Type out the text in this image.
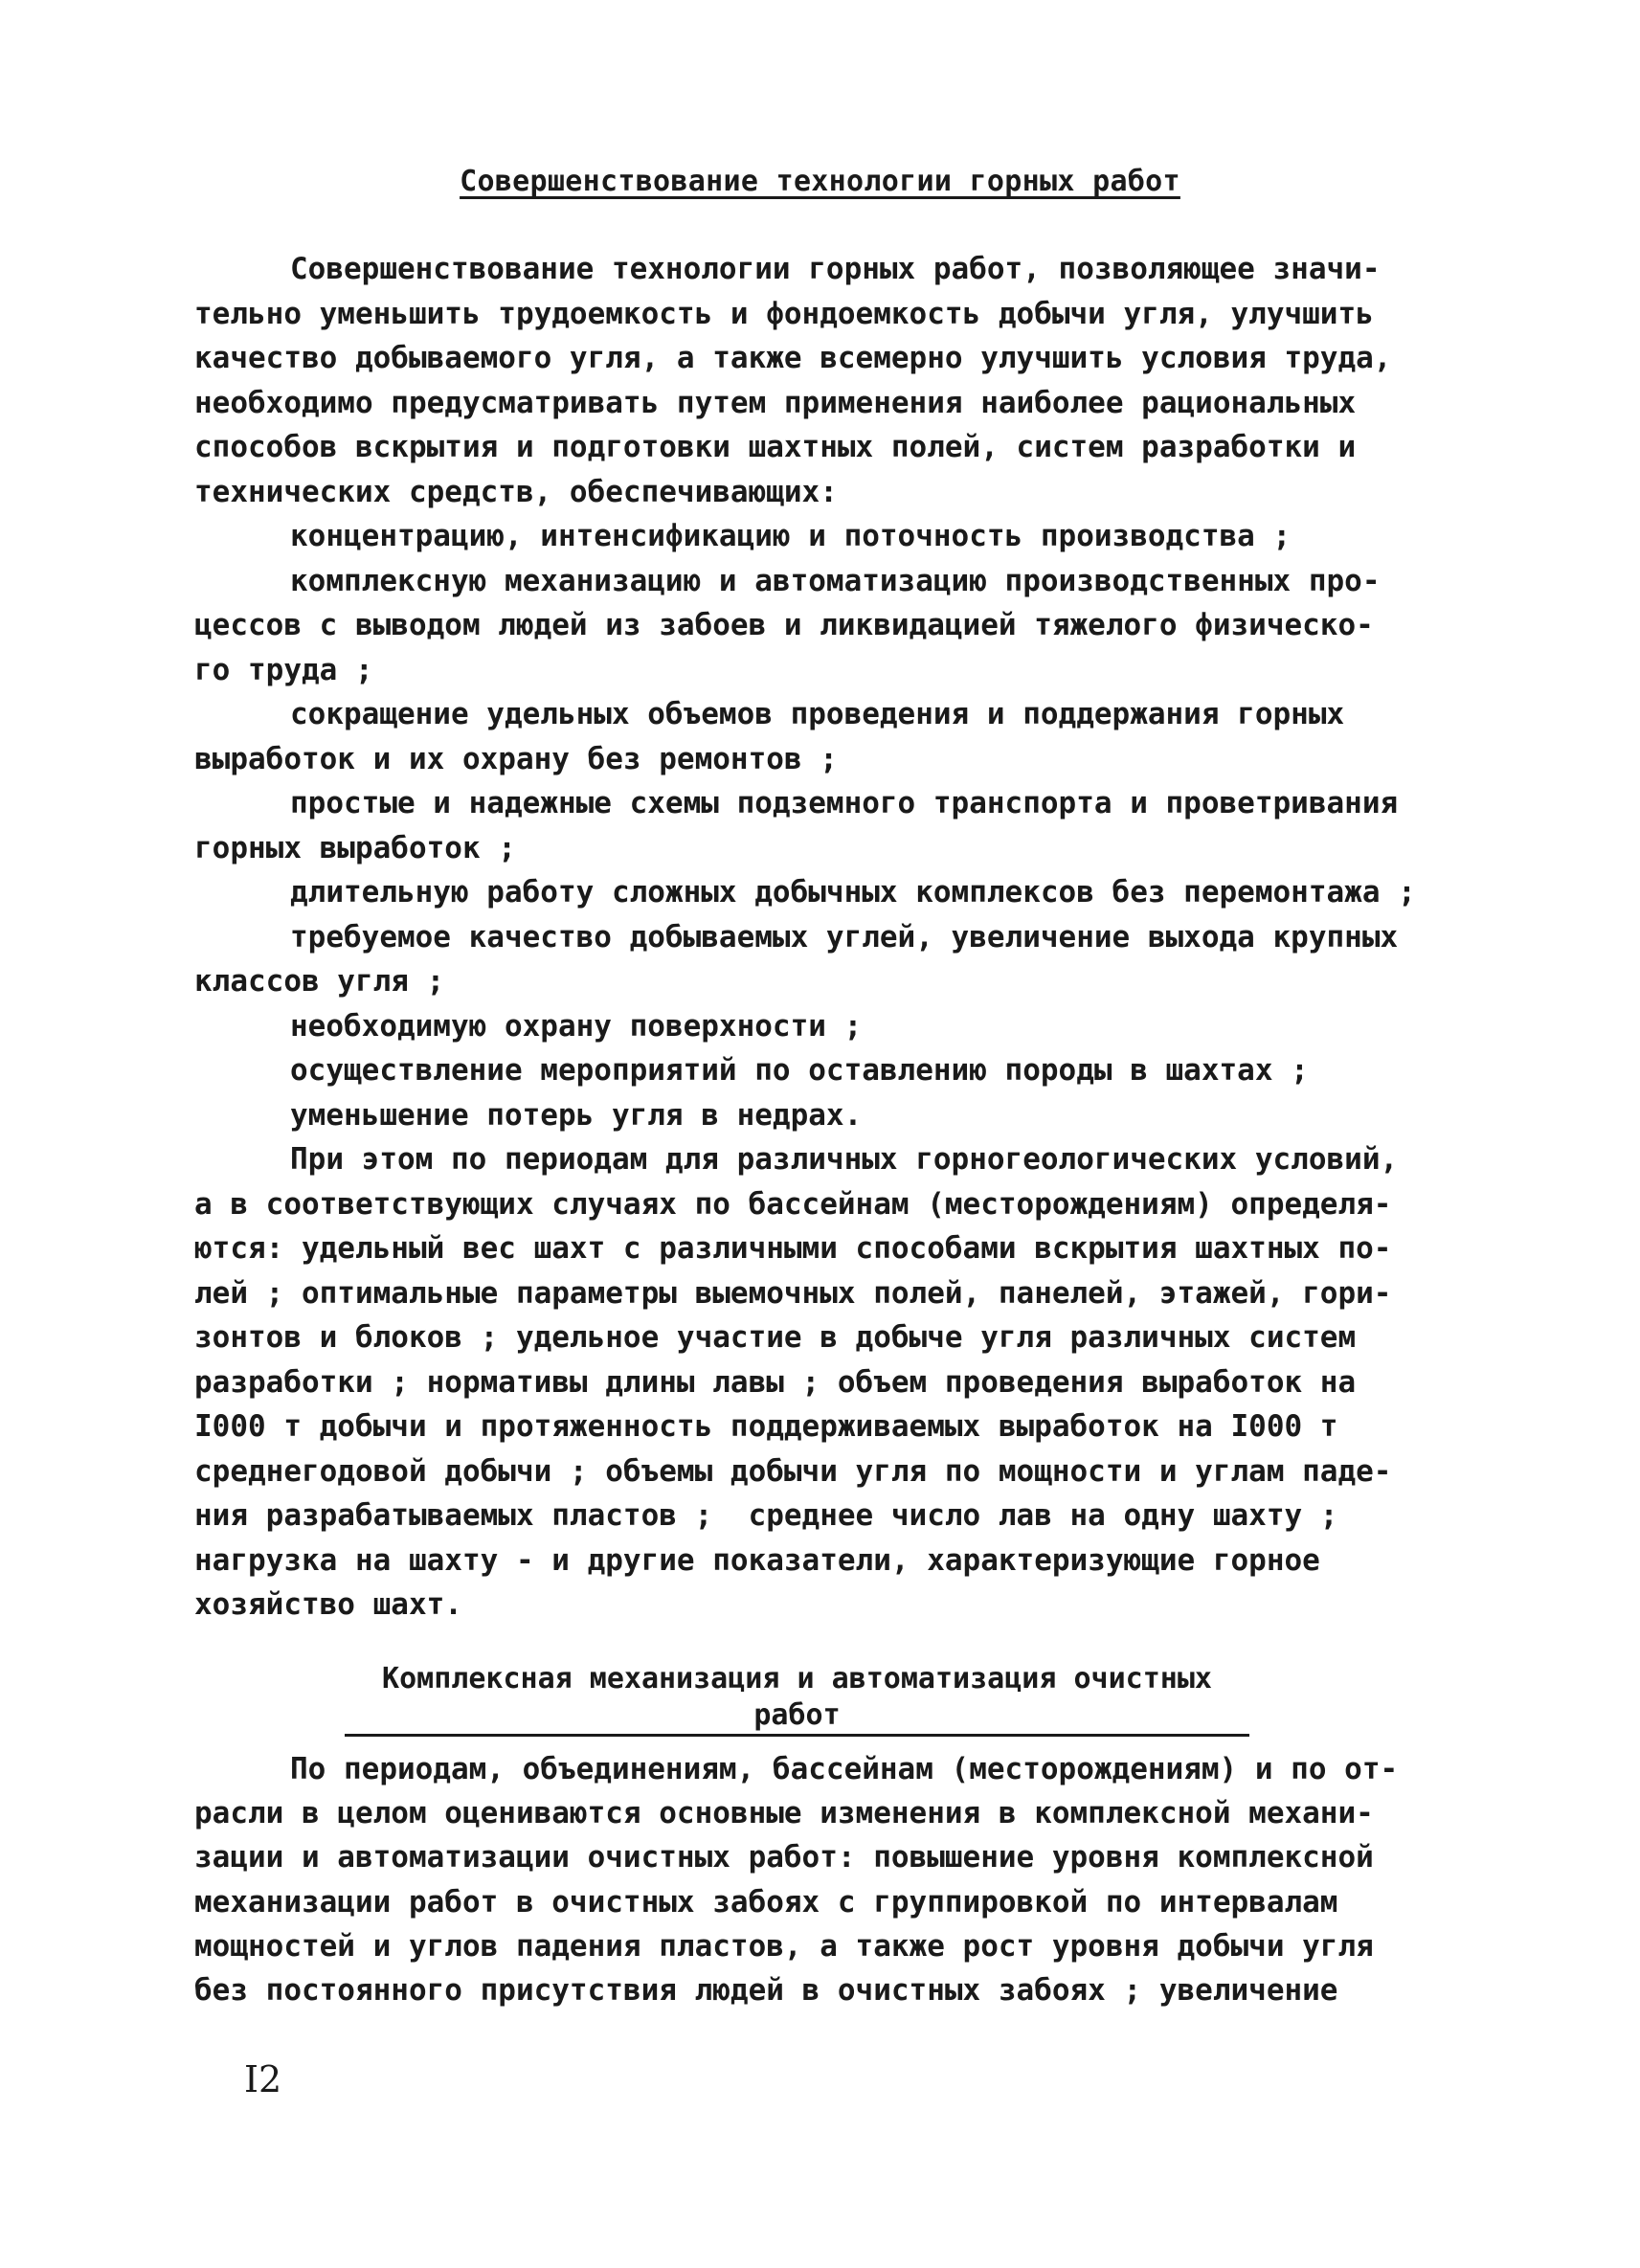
Совершенствование технологии горных работ
Совершенствование технологии горных работ, позволяющее значи-
тельно уменьшить трудоемкость и фондоемкость добычи угля, улучшить
качество добываемого угля, а также всемерно улучшить условия труда,
необходимо предусматривать путем применения наиболее рациональных
способов вскрытия и подготовки шахтных полей, систем разработки и
технических средств, обеспечивающих:
концентрацию, интенсификацию и поточность производства ;
комплексную механизацию и автоматизацию производственных про-
цессов с выводом людей из забоев и ликвидацией тяжелого физическо-
го труда ;
сокращение удельных объемов проведения и поддержания горных
выработок и их охрану без ремонтов ;
простые и надежные схемы подземного транспорта и проветривания
горных выработок ;
длительную работу сложных добычных комплексов без перемонтажа ;
требуемое качество добываемых углей, увеличение выхода крупных
классов угля ;
необходимую охрану поверхности ;
осуществление мероприятий по оставлению породы в шахтах ;
уменьшение потерь угля в недрах.
При этом по периодам для различных горногеологических условий,
а в соответствующих случаях по бассейнам (месторождениям) определя-
ются: удельный вес шахт с различными способами вскрытия шахтных по-
лей ; оптимальные параметры выемочных полей, панелей, этажей, гори-
зонтов и блоков ; удельное участие в добыче угля различных систем
разработки ; нормативы длины лавы ; объем проведения выработок на
I000 т добычи и протяженность поддерживаемых выработок на I000 т
среднегодовой добычи ; объемы добычи угля по мощности и углам паде-
ния разрабатываемых пластов ;  среднее число лав на одну шахту ;
нагрузка на шахту - и другие показатели, характеризующие горное
хозяйство шахт.
По периодам, объединениям, бассейнам (месторождениям) и по от-
расли в целом оцениваются основные изменения в комплексной механи-
зации и автоматизации очистных работ: повышение уровня комплексной
механизации работ в очистных забоях с группировкой по интервалам
мощностей и углов падения пластов, а также рост уровня добычи угля
без постоянного присутствия людей в очистных забоях ; увеличение
Комплексная механизация и автоматизация очистных
работ
I2
